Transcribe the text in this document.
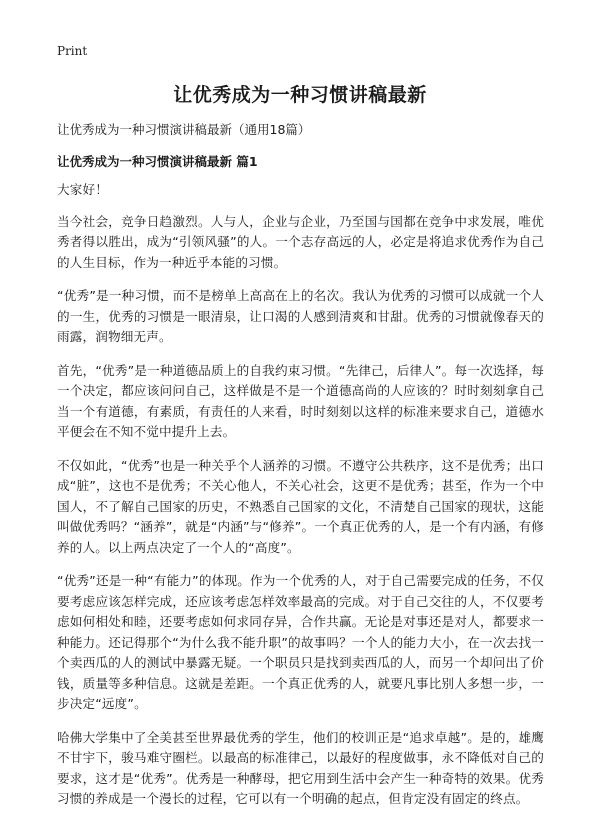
Print
让优秀成为一种习惯讲稿最新

让优秀成为一种习惯演讲稿最新（通用18篇）

让优秀成为一种习惯演讲稿最新 篇1

大家好！

当今社会，竞争日趋激烈。人与人，企业与企业，乃至国与国都在竞争中求发展，唯优秀者得以胜出，成为“引领风骚”的人。一个志存高远的人，必定是将追求优秀作为自己的人生目标，作为一种近乎本能的习惯。

“优秀”是一种习惯，而不是榜单上高高在上的名次。我认为优秀的习惯可以成就一个人的一生，优秀的习惯是一眼清泉，让口渴的人感到清爽和甘甜。优秀的习惯就像春天的雨露，润物细无声。

首先，“优秀”是一种道德品质上的自我约束习惯。“先律己，后律人”。每一次选择，每一个决定，都应该问问自己，这样做是不是一个道德高尚的人应该的？时时刻刻拿自己当一个有道德，有素质，有责任的人来看，时时刻刻以这样的标准来要求自己，道德水平便会在不知不觉中提升上去。

不仅如此，“优秀”也是一种关乎个人涵养的习惯。不遵守公共秩序，这不是优秀；出口成“脏”，这也不是优秀；不关心他人，不关心社会，这更不是优秀；甚至，作为一个中国人，不了解自己国家的历史，不熟悉自己国家的文化，不清楚自己国家的现状，这能叫做优秀吗？“涵养”，就是“内涵”与“修养”。一个真正优秀的人，是一个有内涵，有修养的人。以上两点决定了一个人的“高度”。

“优秀”还是一种“有能力”的体现。作为一个优秀的人，对于自己需要完成的任务，不仅要考虑应该怎样完成，还应该考虑怎样效率最高的完成。对于自己交往的人，不仅要考虑如何相处和睦，还要考虑如何求同存异，合作共赢。无论是对事还是对人，都要求一种能力。还记得那个“为什么我不能升职”的故事吗？一个人的能力大小，在一次去找一个卖西瓜的人的测试中暴露无疑。一个职员只是找到卖西瓜的人，而另一个却问出了价钱，质量等多种信息。这就是差距。一个真正优秀的人，就要凡事比别人多想一步，一步决定“远度”。

哈佛大学集中了全美甚至世界最优秀的学生，他们的校训正是“追求卓越”。是的，雄鹰不甘宇下，骏马难守圈栏。以最高的标准律己，以最好的程度做事，永不降低对自己的要求，这才是“优秀”。优秀是一种酵母，把它用到生活中会产生一种奇特的效果。优秀习惯的养成是一个漫长的过程，它可以有一个明确的起点，但肯定没有固定的终点。
